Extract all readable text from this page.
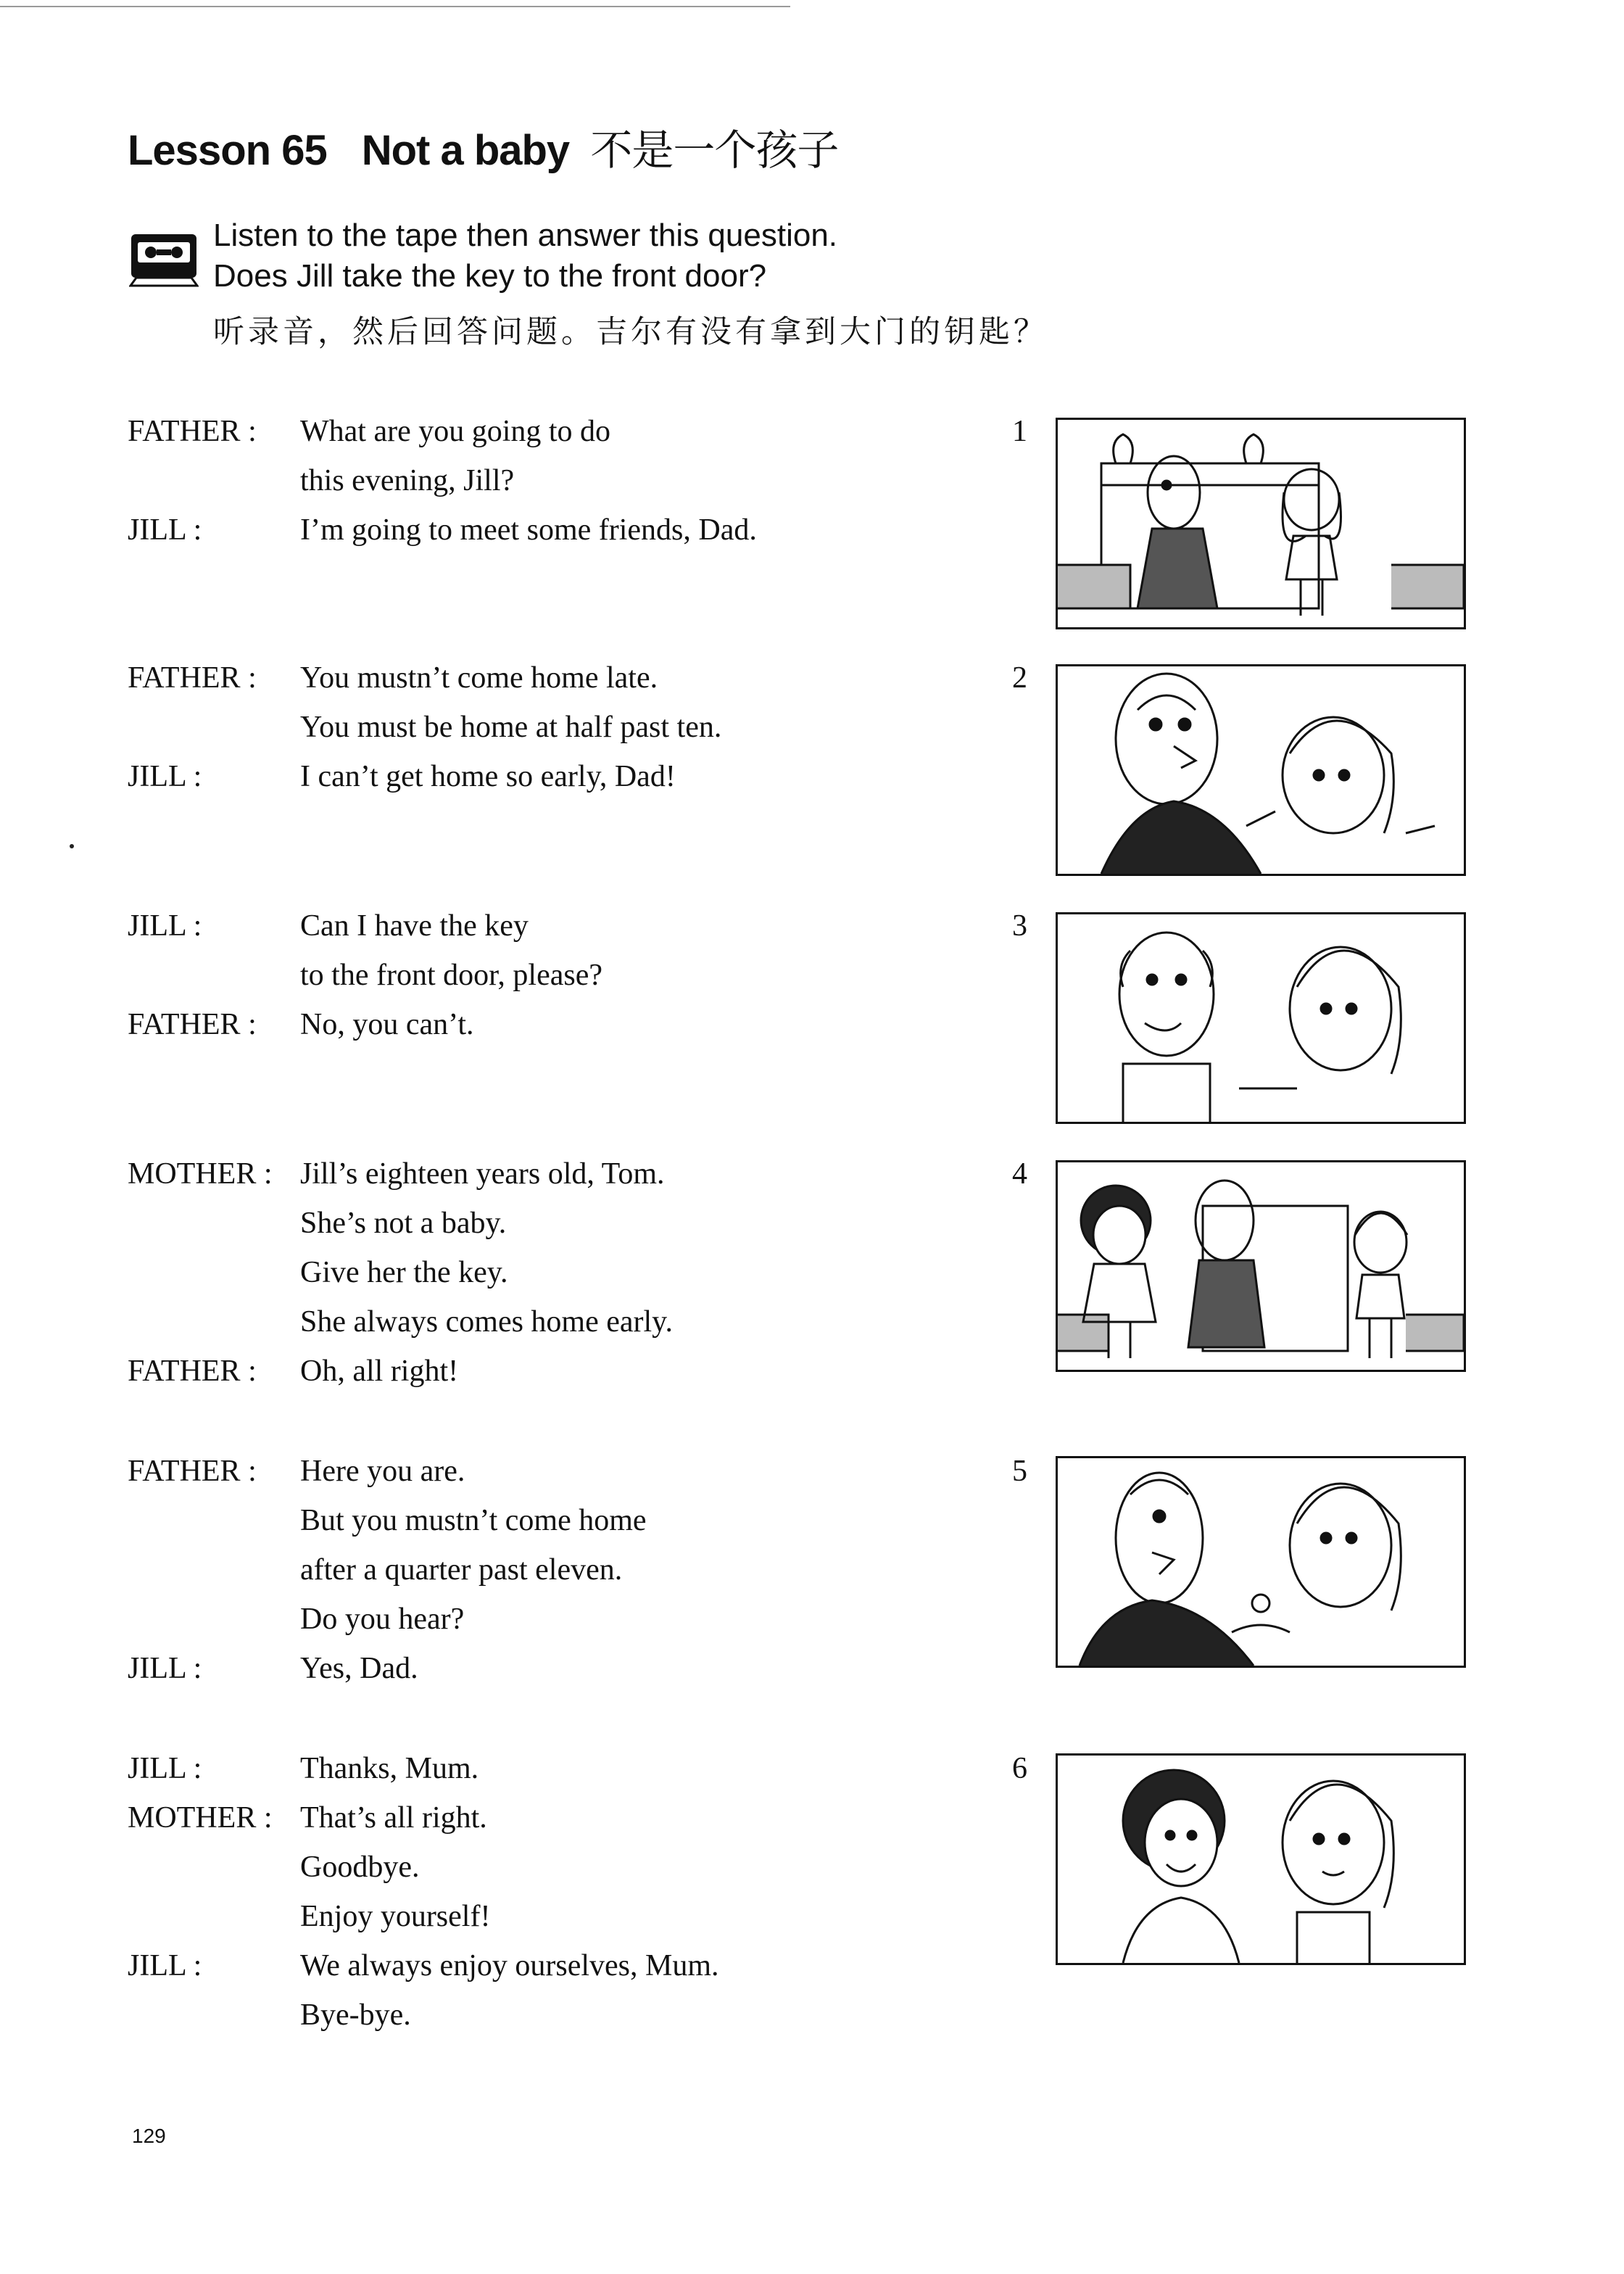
Lesson 65 Not a baby 不是一个孩子
Listen to the tape then answer this question.
Does Jill take the key to the front door?
听录音，然后回答问题。吉尔有没有拿到大门的钥匙？
FATHER : What are you going to do
this evening, Jill?
JILL :	I’m going to meet some friends, Dad.
FATHER : You mustn’t come home late.
You must be home at half past ten.
JILL :	I can’t get home so early, Dad!
JILL :	Can I have the key
to the front door, please?
FATHER : No, you can’t.
MOTHER : Jill’s eighteen years old, Tom.
She’s not a baby.
Give her the key.
She always comes home early.
FATHER : Oh, all right!
FATHER : Here you are.
But you mustn’t come home
after a quarter past eleven.
Do you hear?
JILL :	Yes, Dad.
JILL :	Thanks, Mum.
MOTHER : That’s all right.
Goodbye.
Enjoy yourself!
JILL :	We always enjoy ourselves, Mum.
Bye-bye.
1
2
3
4
5
6
129
